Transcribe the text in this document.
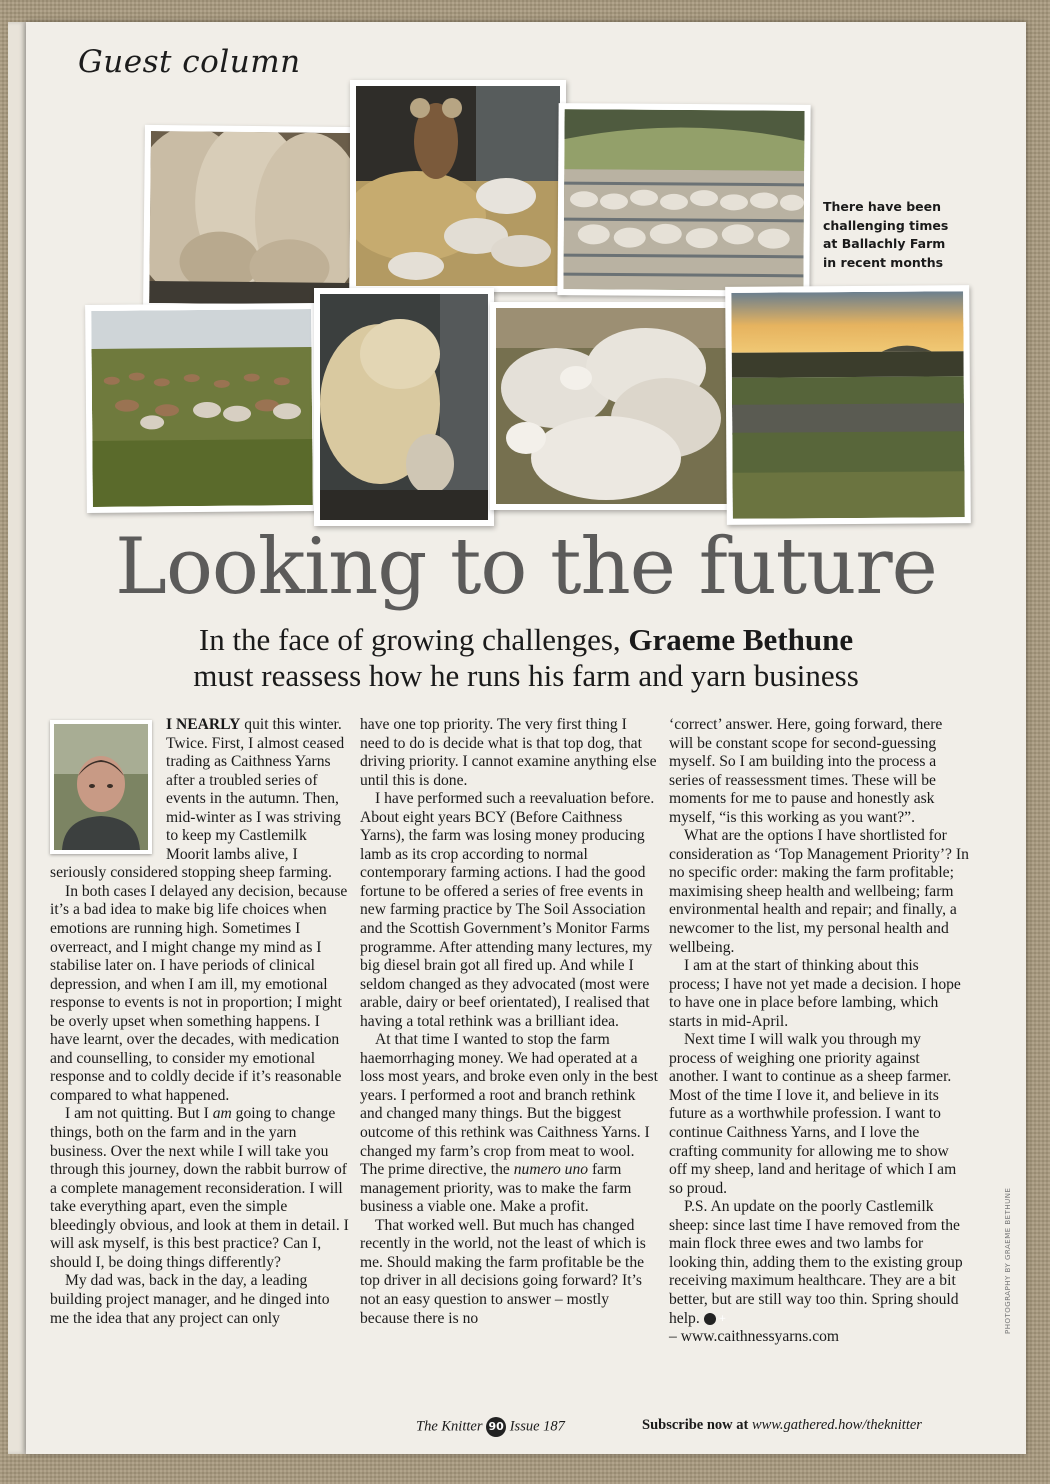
Guest column
There have been challenging times at Ballachly Farm in recent months
Looking to the future
In the face of growing challenges, Graeme Bethune
must reassess how he runs his farm and yarn business

I NEARLY quit this winter. Twice. First, I almost ceased trading as Caithness Yarns after a troubled series of events in the autumn. Then, mid-winter as I was striving to keep my Castlemilk Moorit lambs alive, I seriously considered stopping sheep farming.

In both cases I delayed any decision, because it’s a bad idea to make big life choices when emotions are running high. Sometimes I overreact, and I might change my mind as I stabilise later on. I have periods of clinical depression, and when I am ill, my emotional response to events is not in proportion; I might be overly upset when something happens. I have learnt, over the decades, with medication and counselling, to consider my emotional response and to coldly decide if it’s reasonable compared to what happened.

I am not quitting. But I am going to change things, both on the farm and in the yarn business. Over the next while I will take you through this journey, down the rabbit burrow of a complete management reconsideration. I will take everything apart, even the simple bleedingly obvious, and look at them in detail. I will ask myself, is this best practice? Can I, should I, be doing things differently?

My dad was, back in the day, a leading building project manager, and he dinged into me the idea that any project can only

have one top priority. The very first thing I need to do is decide what is that top dog, that driving priority. I cannot examine anything else until this is done.

I have performed such a reevaluation before. About eight years BCY (Before Caithness Yarns), the farm was losing money producing lamb as its crop according to normal contemporary farming actions. I had the good fortune to be offered a series of free events in new farming practice by The Soil Association and the Scottish Government’s Monitor Farms programme. After attending many lectures, my big diesel brain got all fired up. And while I seldom changed as they advocated (most were arable, dairy or beef orientated), I realised that having a total rethink was a brilliant idea.

At that time I wanted to stop the farm haemorrhaging money. We had operated at a loss most years, and broke even only in the best years. I performed a root and branch rethink and changed many things. But the biggest outcome of this rethink was Caithness Yarns. I changed my farm’s crop from meat to wool. The prime directive, the numero uno farm management priority, was to make the farm business a viable one. Make a profit.

That worked well. But much has changed recently in the world, not the least of which is me. Should making the farm profitable be the top driver in all decisions going forward? It’s not an easy question to answer – mostly because there is no

‘correct’ answer. Here, going forward, there will be constant scope for second-guessing myself. So I am building into the process a series of reassessment times. These will be moments for me to pause and honestly ask myself, “is this working as you want?”.

What are the options I have shortlisted for consideration as ‘Top Management Priority’? In no specific order: making the farm profitable; maximising sheep health and wellbeing; farm environmental health and repair; and finally, a newcomer to the list, my personal health and wellbeing.

I am at the start of thinking about this process; I have not yet made a decision. I hope to have one in place before lambing, which starts in mid-April.

Next time I will walk you through my process of weighing one priority against another. I want to continue as a sheep farmer. Most of the time I love it, and believe in its future as a worthwhile profession. I want to continue Caithness Yarns, and I love the crafting community for allowing me to show off my sheep, land and heritage of which I am so proud.

P.S. An update on the poorly Castlemilk sheep: since last time I have removed from the main flock three ewes and two lambs for looking thin, adding them to the existing group receiving maximum healthcare. They are a bit better, but are still way too thin. Spring should help. +

– www.caithnessyarns.com

PHOTOGRAPHY BY GRAEME BETHUNE
The Knitter 90 Issue 187	Subscribe now at www.gathered.how/theknitter
